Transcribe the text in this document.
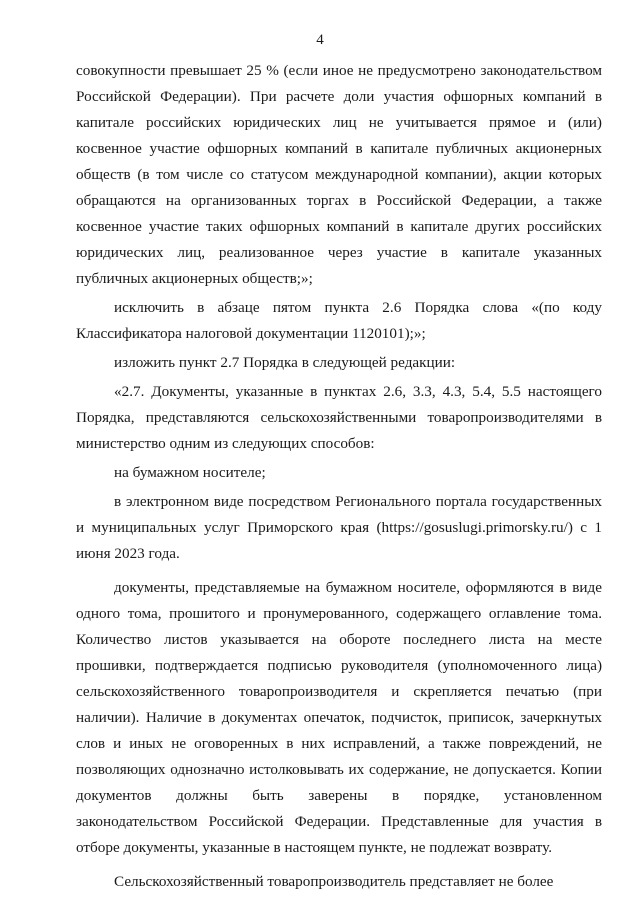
4

совокупности превышает 25 % (если иное не предусмотрено законодательством Российской Федерации). При расчете доли участия офшорных компаний в капитале российских юридических лиц не учитывается прямое и (или) косвенное участие офшорных компаний в капитале публичных акционерных обществ (в том числе со статусом международной компании), акции которых обращаются на организованных торгах в Российской Федерации, а также косвенное участие таких офшорных компаний в капитале других российских юридических лиц, реализованное через участие в капитале указанных публичных акционерных обществ;»;

исключить в абзаце пятом пункта 2.6 Порядка слова «(по коду Классификатора налоговой документации 1120101);»;

изложить пункт 2.7 Порядка в следующей редакции:

«2.7. Документы, указанные в пунктах 2.6, 3.3, 4.3, 5.4, 5.5 настоящего Порядка, представляются сельскохозяйственными товаропроизводителями в министерство одним из следующих способов:

на бумажном носителе;

в электронном виде посредством Регионального портала государственных и муниципальных услуг Приморского края (https://gosuslugi.primorsky.ru/) с 1 июня 2023 года.

документы, представляемые на бумажном носителе, оформляются в виде одного тома, прошитого и пронумерованного, содержащего оглавление тома. Количество листов указывается на обороте последнего листа на месте прошивки, подтверждается подписью руководителя (уполномоченного лица) сельскохозяйственного товаропроизводителя и скрепляется печатью (при наличии). Наличие в документах опечаток, подчисток, приписок, зачеркнутых слов и иных не оговоренных в них исправлений, а также повреждений, не позволяющих однозначно истолковывать их содержание, не допускается. Копии документов должны быть заверены в порядке, установленном законодательством Российской Федерации. Представленные для участия в отборе документы, указанные в настоящем пункте, не подлежат возврату.

Сельскохозяйственный товаропроизводитель представляет не более
